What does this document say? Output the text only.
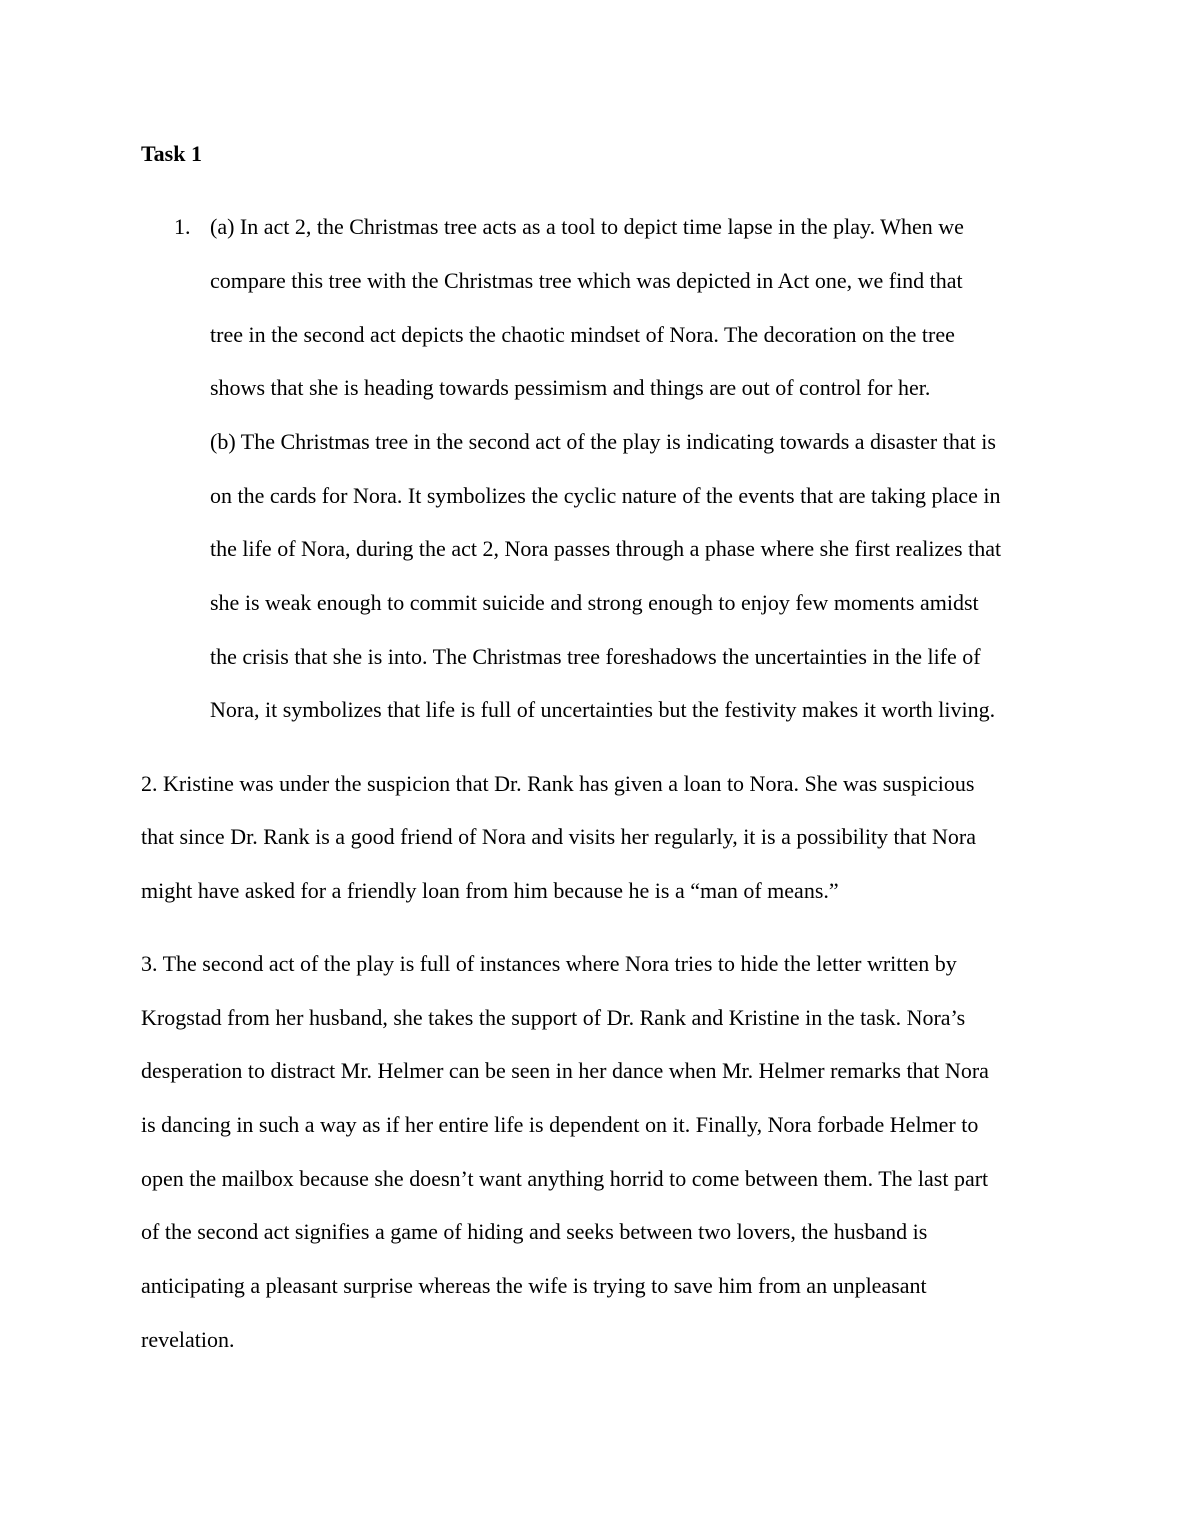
Task 1
1. (a) In act 2, the Christmas tree acts as a tool to depict time lapse in the play. When we

compare this tree with the Christmas tree which was depicted in Act one, we find that

tree in the second act depicts the chaotic mindset of Nora. The decoration on the tree

shows that she is heading towards pessimism and things are out of control for her.

(b) The Christmas tree in the second act of the play is indicating towards a disaster that is

on the cards for Nora. It symbolizes the cyclic nature of the events that are taking place in

the life of Nora, during the act 2, Nora passes through a phase where she first realizes that

she is weak enough to commit suicide and strong enough to enjoy few moments amidst

the crisis that she is into. The Christmas tree foreshadows the uncertainties in the life of

Nora, it symbolizes that life is full of uncertainties but the festivity makes it worth living.

2. Kristine was under the suspicion that Dr. Rank has given a loan to Nora. She was suspicious

that since Dr. Rank is a good friend of Nora and visits her regularly, it is a possibility that Nora

might have asked for a friendly loan from him because he is a “man of means.”

3. The second act of the play is full of instances where Nora tries to hide the letter written by

Krogstad from her husband, she takes the support of Dr. Rank and Kristine in the task. Nora’s

desperation to distract Mr. Helmer can be seen in her dance when Mr. Helmer remarks that Nora

is dancing in such a way as if her entire life is dependent on it. Finally, Nora forbade Helmer to

open the mailbox because she doesn’t want anything horrid to come between them. The last part

of the second act signifies a game of hiding and seeks between two lovers, the husband is

anticipating a pleasant surprise whereas the wife is trying to save him from an unpleasant

revelation.
